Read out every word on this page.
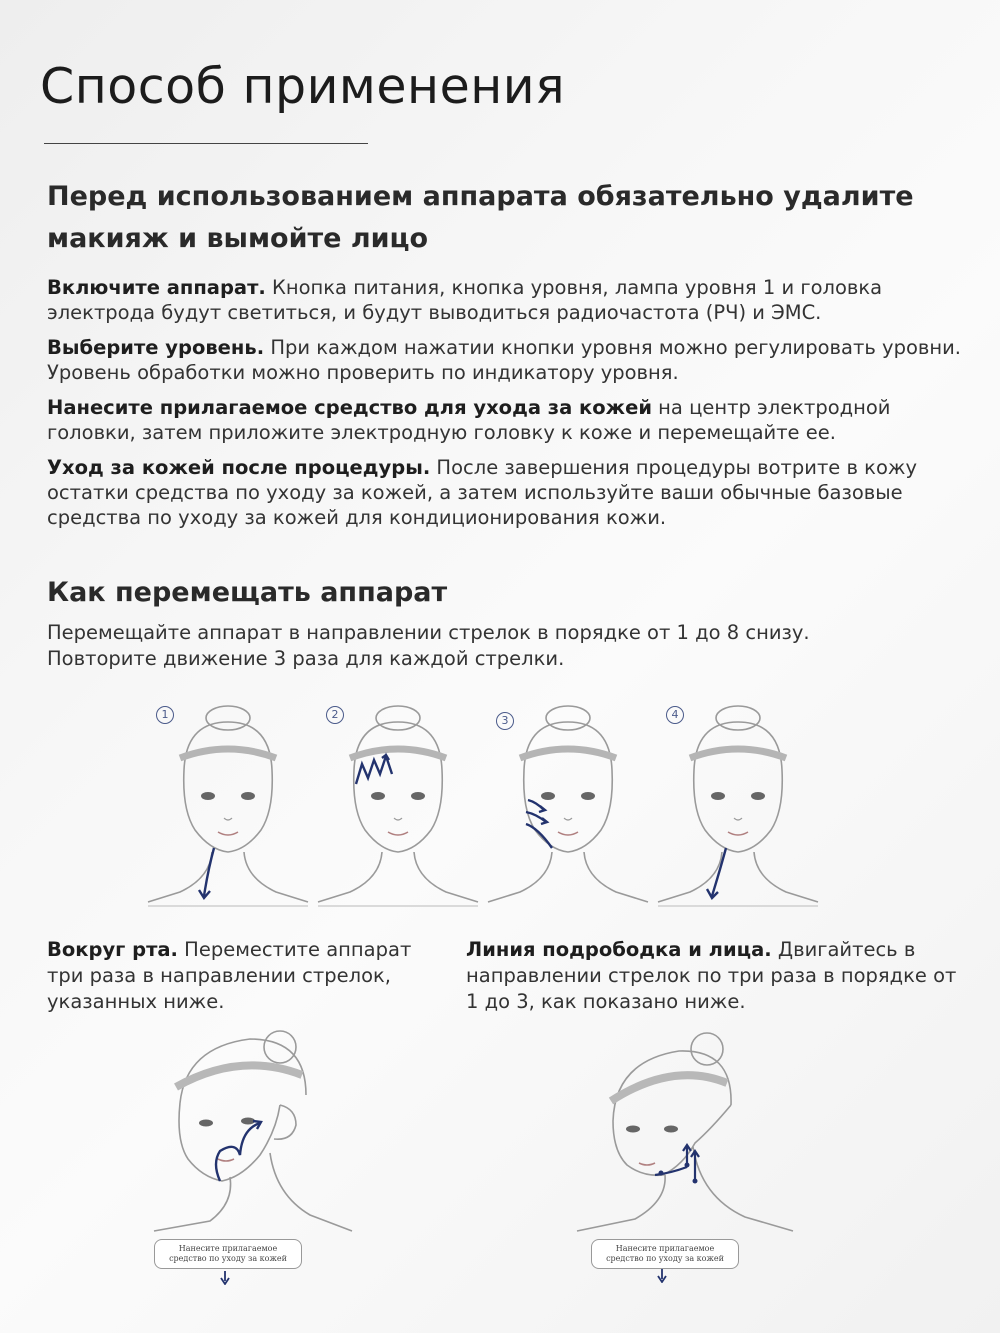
Способ применения
Перед использованием аппарата обязательно удалите макияж и вымойте лицо

Включите аппарат. Кнопка питания, кнопка уровня, лампа уровня 1 и головка электрода будут светиться, и будут выводиться радиочастота (РЧ) и ЭМС.

Выберите уровень. При каждом нажатии кнопки уровня можно регулировать уровни. Уровень обработки можно проверить по индикатору уровня.

Нанесите прилагаемое средство для ухода за кожей на центр электродной головки, затем приложите электродную головку к коже и перемещайте ее.

Уход за кожей после процедуры. После завершения процедуры вотрите в кожу остатки средства по уходу за кожей, а затем используйте ваши обычные базовые средства по уходу за кожей для кондиционирования кожи.

Как перемещать аппарат

Перемещайте аппарат в направлении стрелок в порядке от 1 до 8 снизу.
Повторите движение 3 раза для каждой стрелки.

1	2	3	4

Вокруг рта. Переместите аппарат три раза в направлении стрелок, указанных ниже.

Линия подрободка и лица. Двигайтесь в направлении стрелок по три раза в порядке от 1 до 3, как показано ниже.

Нанесите прилагаемое средство по уходу за кожей
Нанесите прилагаемое средство по уходу за кожей
